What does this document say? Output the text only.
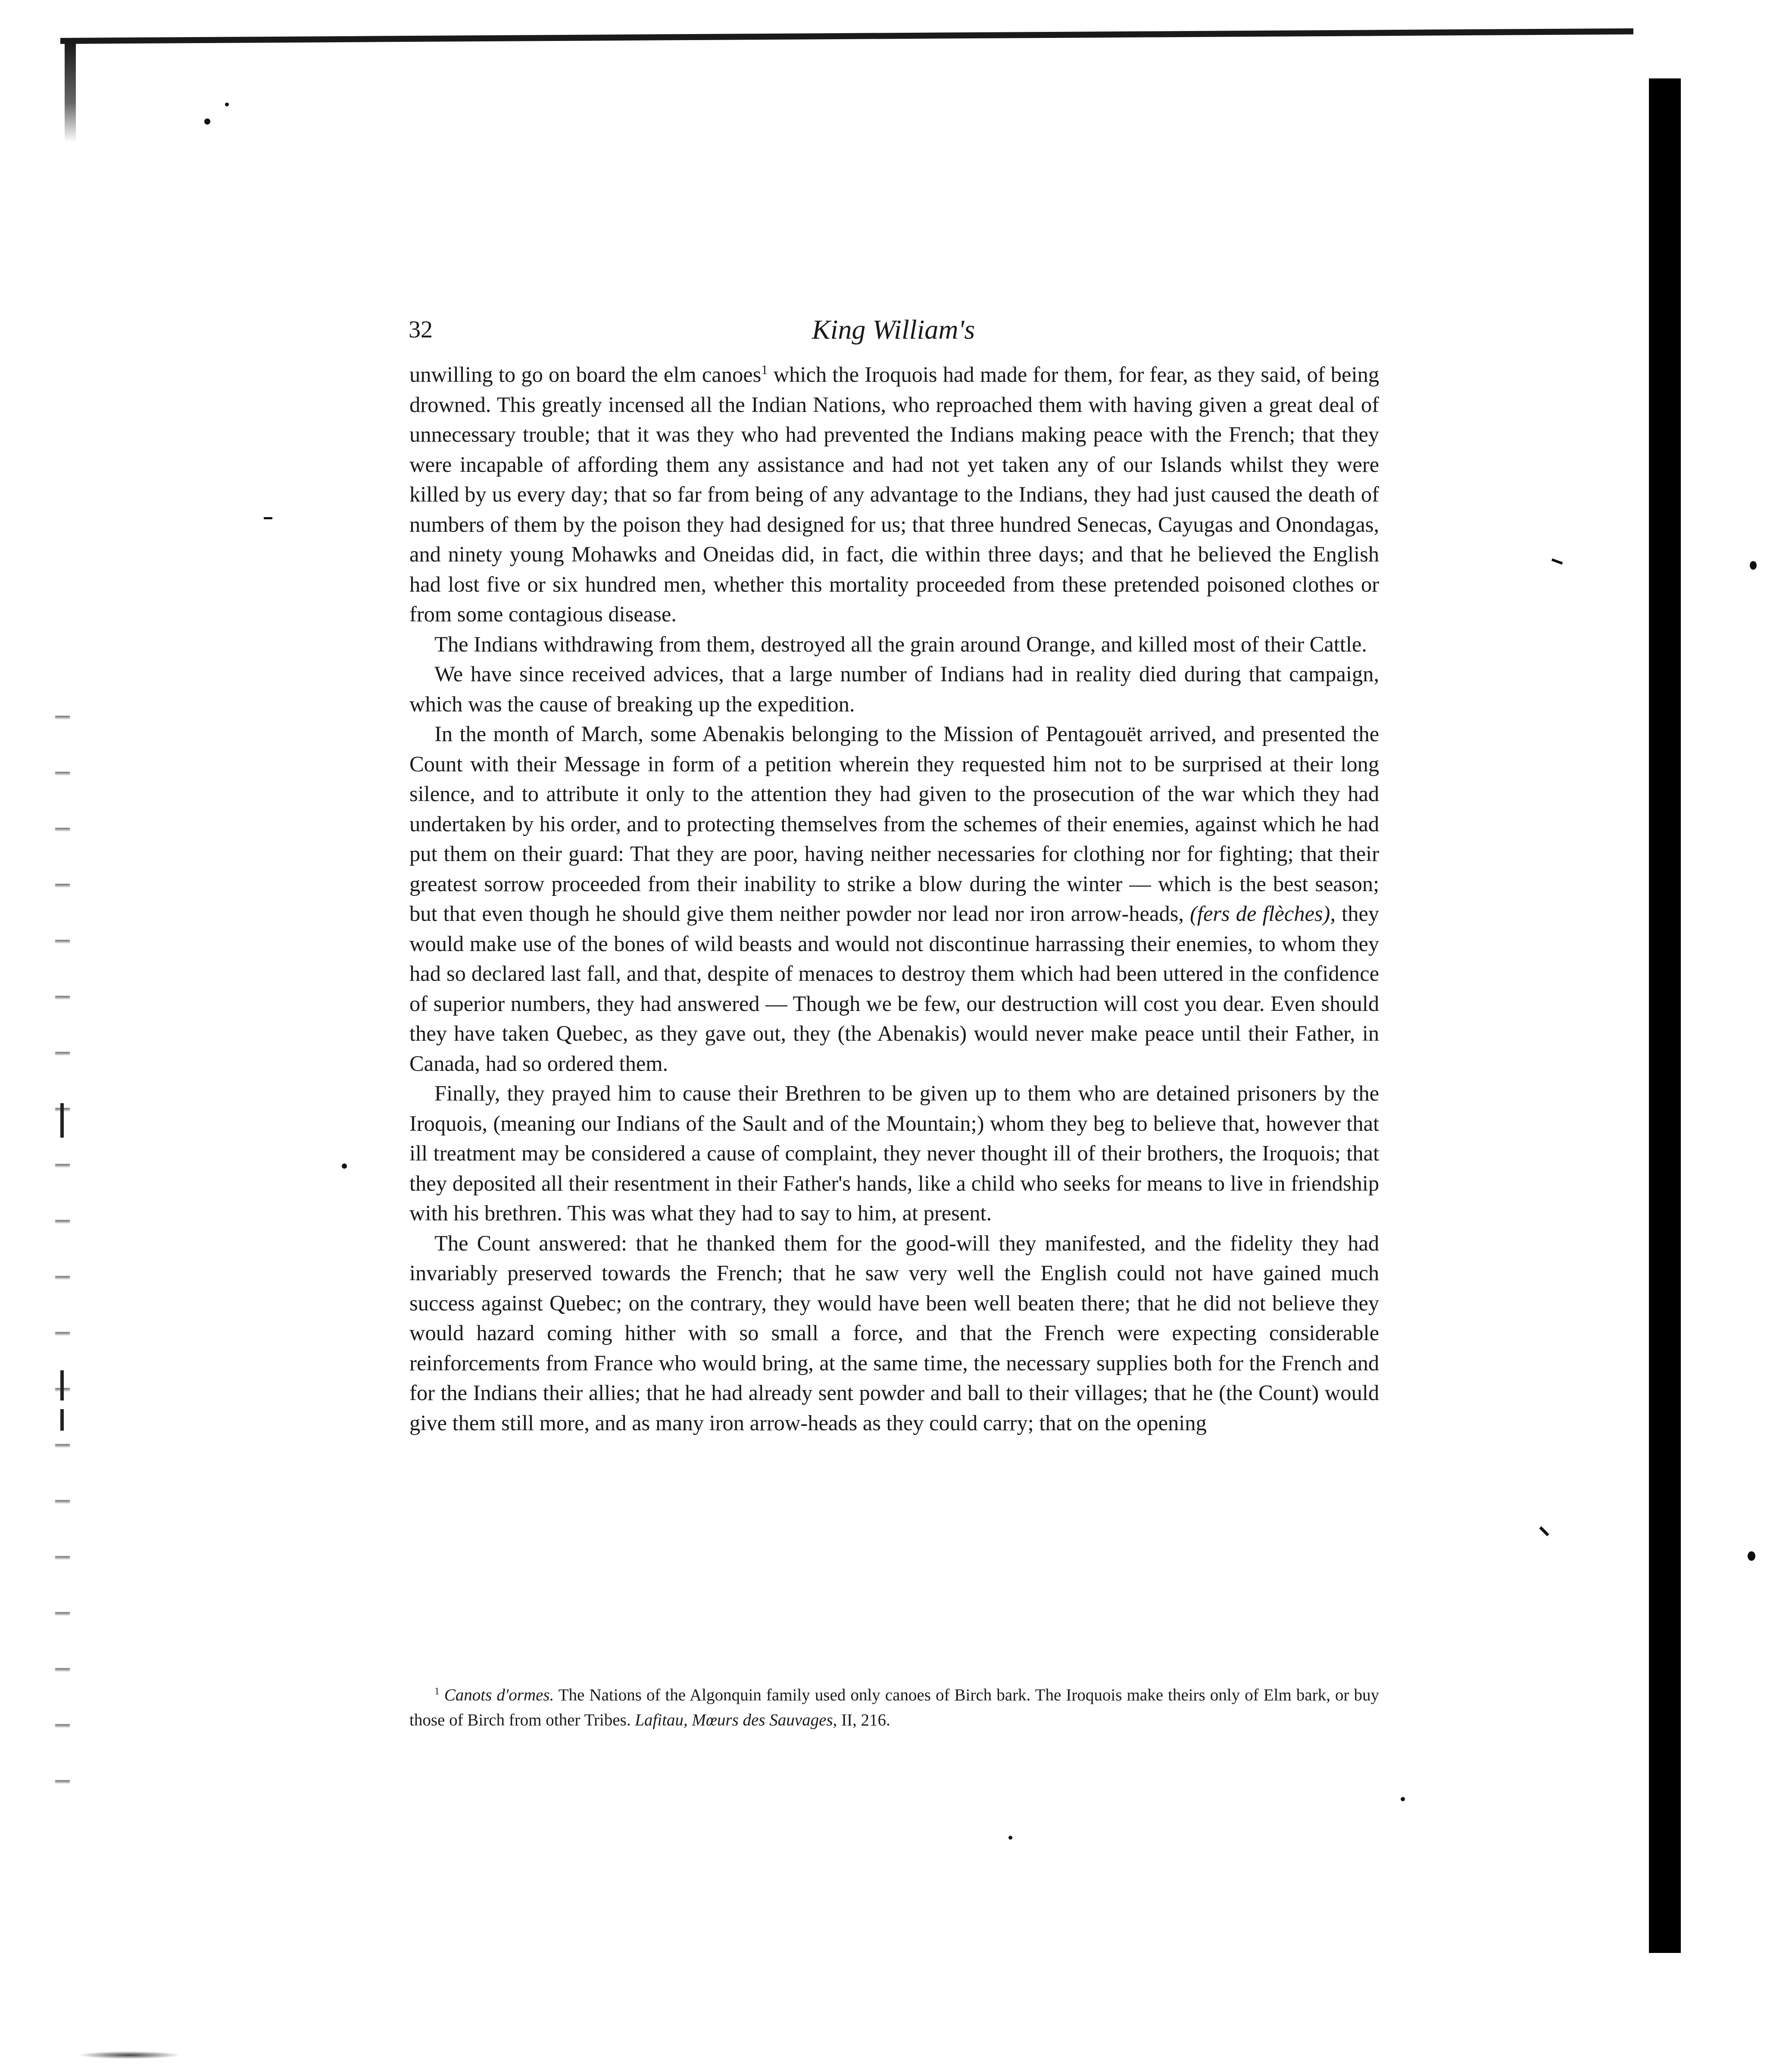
32	King William's

unwilling to go on board the elm canoes$^1$ which the Iroquois had made for them, for fear, as they said, of being drowned. This greatly incensed all the Indian Nations, who reproached them with having given a great deal of unnecessary trouble; that it was they who had prevented the Indians making peace with the French; that they were incapable of affording them any assistance and had not yet taken any of our Islands whilst they were killed by us every day; that so far from being of any advantage to the Indians, they had just caused the death of numbers of them by the poison they had designed for us; that three hundred Senecas, Cayugas and Onondagas, and ninety young Mohawks and Oneidas did, in fact, die within three days; and that he believed the English had lost five or six hundred men, whether this mortality proceeded from these pretended poisoned clothes or from some contagious disease.

The Indians withdrawing from them, destroyed all the grain around Orange, and killed most of their Cattle.

We have since received advices, that a large number of Indians had in reality died during that campaign, which was the cause of breaking up the expedition.

In the month of March, some Abenakis belonging to the Mission of Pentagouët arrived, and presented the Count with their Message in form of a petition wherein they requested him not to be surprised at their long silence, and to attribute it only to the attention they had given to the prosecution of the war which they had undertaken by his order, and to protecting themselves from the schemes of their enemies, against which he had put them on their guard: That they are poor, having neither necessaries for clothing nor for fighting; that their greatest sorrow proceeded from their inability to strike a blow during the winter — which is the best season; but that even though he should give them neither powder nor lead nor iron arrow-heads, (fers de flèches), they would make use of the bones of wild beasts and would not discontinue harrassing their enemies, to whom they had so declared last fall, and that, despite of menaces to destroy them which had been uttered in the confidence of superior numbers, they had answered — Though we be few, our destruction will cost you dear. Even should they have taken Quebec, as they gave out, they (the Abenakis) would never make peace until their Father, in Canada, had so ordered them.

Finally, they prayed him to cause their Brethren to be given up to them who are detained prisoners by the Iroquois, (meaning our Indians of the Sault and of the Mountain;) whom they beg to believe that, however that ill treatment may be considered a cause of complaint, they never thought ill of their brothers, the Iroquois; that they deposited all their resentment in their Father's hands, like a child who seeks for means to live in friendship with his brethren. This was what they had to say to him, at present.

The Count answered: that he thanked them for the good-will they manifested, and the fidelity they had invariably preserved towards the French; that he saw very well the English could not have gained much success against Quebec; on the contrary, they would have been well beaten there; that he did not believe they would hazard coming hither with so small a force, and that the French were expecting considerable reinforcements from France who would bring, at the same time, the necessary supplies both for the French and for the Indians their allies; that he had already sent powder and ball to their villages; that he (the Count) would give them still more, and as many iron arrow-heads as they could carry; that on the opening

$^1$ Canots d'ormes. The Nations of the Algonquin family used only canoes of Birch bark. The Iroquois make theirs only of Elm bark, or buy those of Birch from other Tribes. Lafitau, Mœurs des Sauvages, II, 216.
